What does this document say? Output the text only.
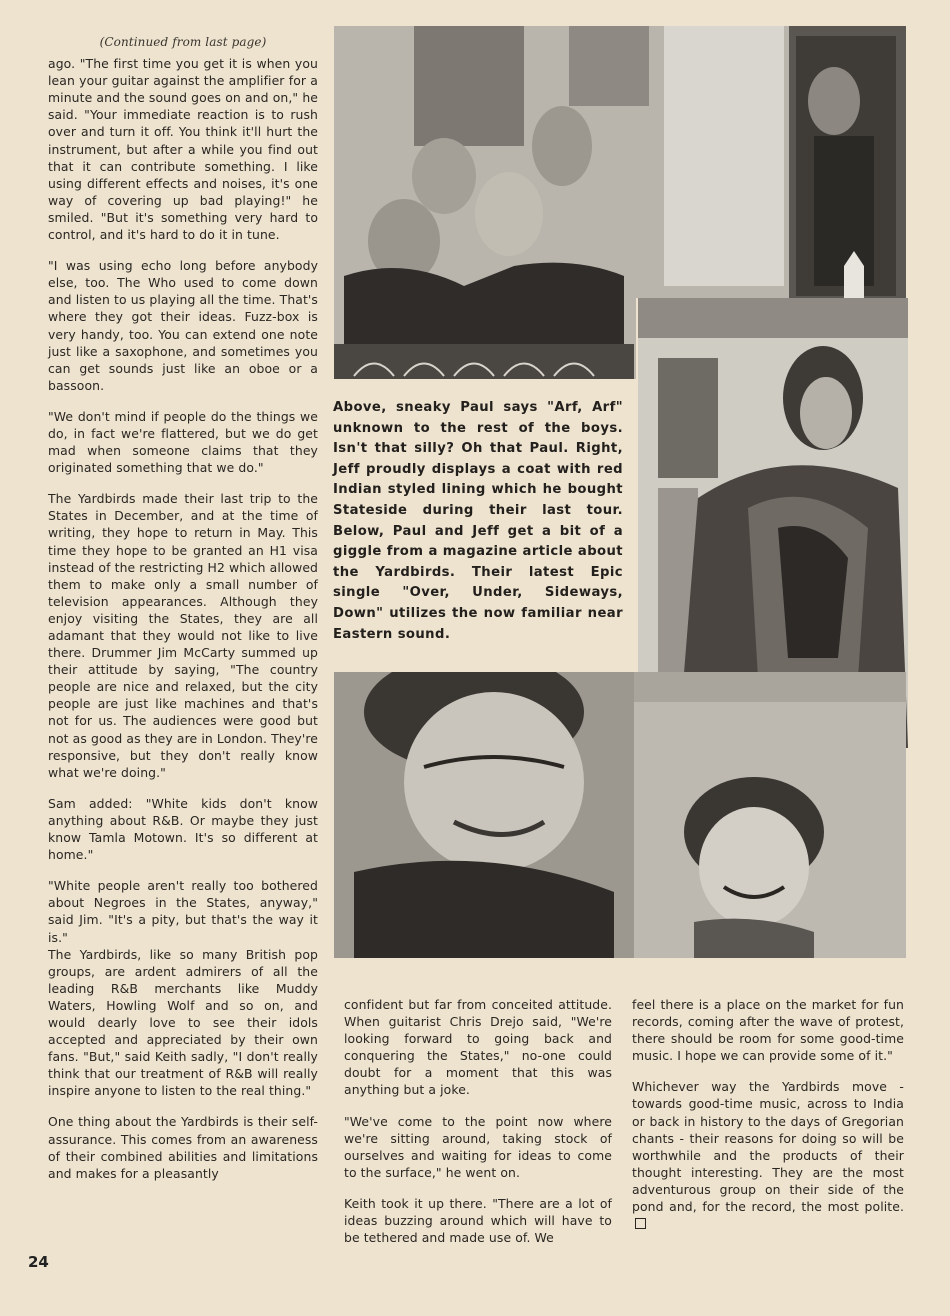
(Continued from last page)

ago. "The first time you get it is when you lean your guitar against the amplifier for a minute and the sound goes on and on," he said. "Your immediate reaction is to rush over and turn it off. You think it'll hurt the instrument, but after a while you find out that it can contribute something. I like using different effects and noises, it's one way of covering up bad playing!" he smiled. "But it's something very hard to control, and it's hard to do it in tune.

"I was using echo long before anybody else, too. The Who used to come down and listen to us playing all the time. That's where they got their ideas. Fuzz-box is very handy, too. You can extend one note just like a saxophone, and sometimes you can get sounds just like an oboe or a bassoon.

"We don't mind if people do the things we do, in fact we're flattered, but we do get mad when someone claims that they originated something that we do."

The Yardbirds made their last trip to the States in December, and at the time of writing, they hope to return in May. This time they hope to be granted an H1 visa instead of the restricting H2 which allowed them to make only a small number of television appearances. Although they enjoy visiting the States, they are all adamant that they would not like to live there. Drummer Jim McCarty summed up their attitude by saying, "The country people are nice and relaxed, but the city people are just like machines and that's not for us. The audiences were good but not as good as they are in London. They're responsive, but they don't really know what we're doing."

Sam added: "White kids don't know anything about R&B. Or maybe they just know Tamla Motown. It's so different at home."

"White people aren't really too bothered about Negroes in the States, anyway," said Jim. "It's a pity, but that's the way it is."

The Yardbirds, like so many British pop groups, are ardent admirers of all the leading R&B merchants like Muddy Waters, Howling Wolf and so on, and would dearly love to see their idols accepted and appreciated by their own fans. "But," said Keith sadly, "I don't really think that our treatment of R&B will really inspire anyone to listen to the real thing."

One thing about the Yardbirds is their self-assurance. This comes from an awareness of their combined abilities and limitations and makes for a pleasantly

Above, sneaky Paul says "Arf, Arf" unknown to the rest of the boys. Isn't that silly? Oh that Paul. Right, Jeff proudly displays a coat with red Indian styled lining which he bought Stateside during their last tour. Below, Paul and Jeff get a bit of a giggle from a magazine article about the Yardbirds. Their latest Epic single "Over, Under, Sideways, Down" utilizes the now familiar near Eastern sound.

confident but far from conceited attitude. When guitarist Chris Drejo said, "We're looking forward to going back and conquering the States," no-one could doubt for a moment that this was anything but a joke.

"We've come to the point now where we're sitting around, taking stock of ourselves and waiting for ideas to come to the surface," he went on.

Keith took it up there. "There are a lot of ideas buzzing around which will have to be tethered and made use of. We

feel there is a place on the market for fun records, coming after the wave of protest, there should be room for some good-time music. I hope we can provide some of it."

Whichever way the Yardbirds move - towards good-time music, across to India or back in history to the days of Gregorian chants - their reasons for doing so will be worthwhile and the products of their thought interesting. They are the most adventurous group on their side of the pond and, for the record, the most polite.

24
